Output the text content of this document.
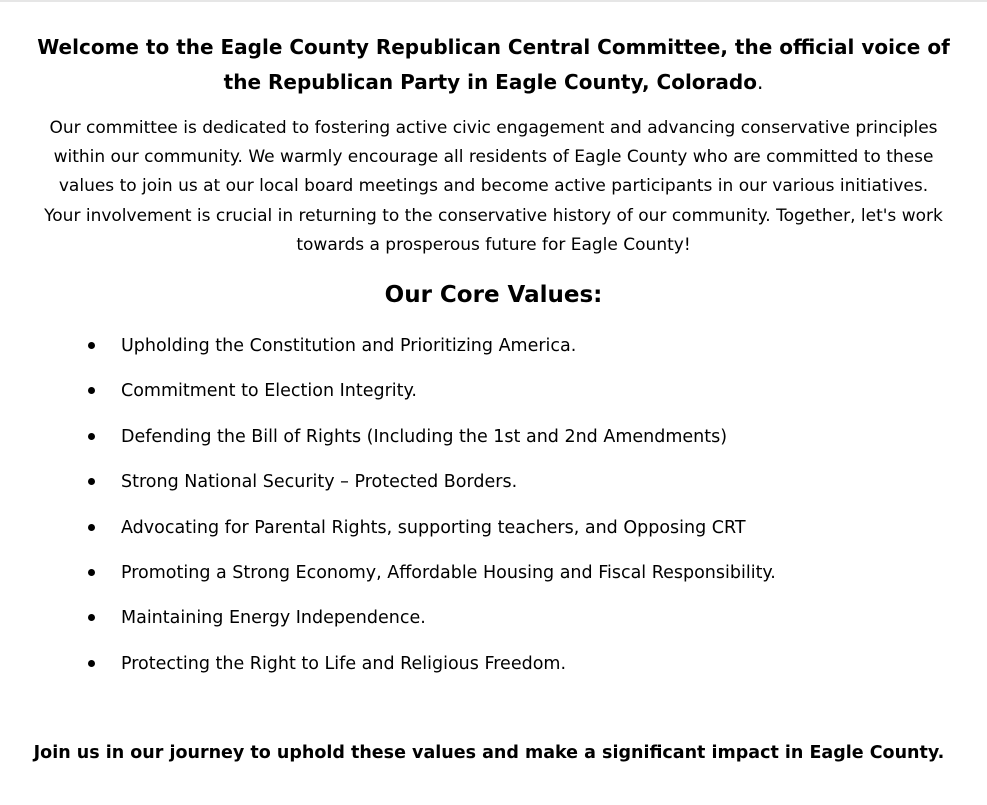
Welcome to the Eagle County Republican Central Committee, the official voice of the Republican Party in Eagle County, Colorado.

Our committee is dedicated to fostering active civic engagement and advancing conservative principles within our community. We warmly encourage all residents of Eagle County who are committed to these values to join us at our local board meetings and become active participants in our various initiatives. Your involvement is crucial in returning to the conservative history of our community. Together, let's work towards a prosperous future for Eagle County!

Our Core Values:
Upholding the Constitution and Prioritizing America.
Commitment to Election Integrity.
Defending the Bill of Rights (Including the 1st and 2nd Amendments)
Strong National Security – Protected Borders.
Advocating for Parental Rights, supporting teachers, and Opposing CRT
Promoting a Strong Economy, Affordable Housing and Fiscal Responsibility.
Maintaining Energy Independence.
Protecting the Right to Life and Religious Freedom.

Join us in our journey to uphold these values and make a significant impact in Eagle County.
